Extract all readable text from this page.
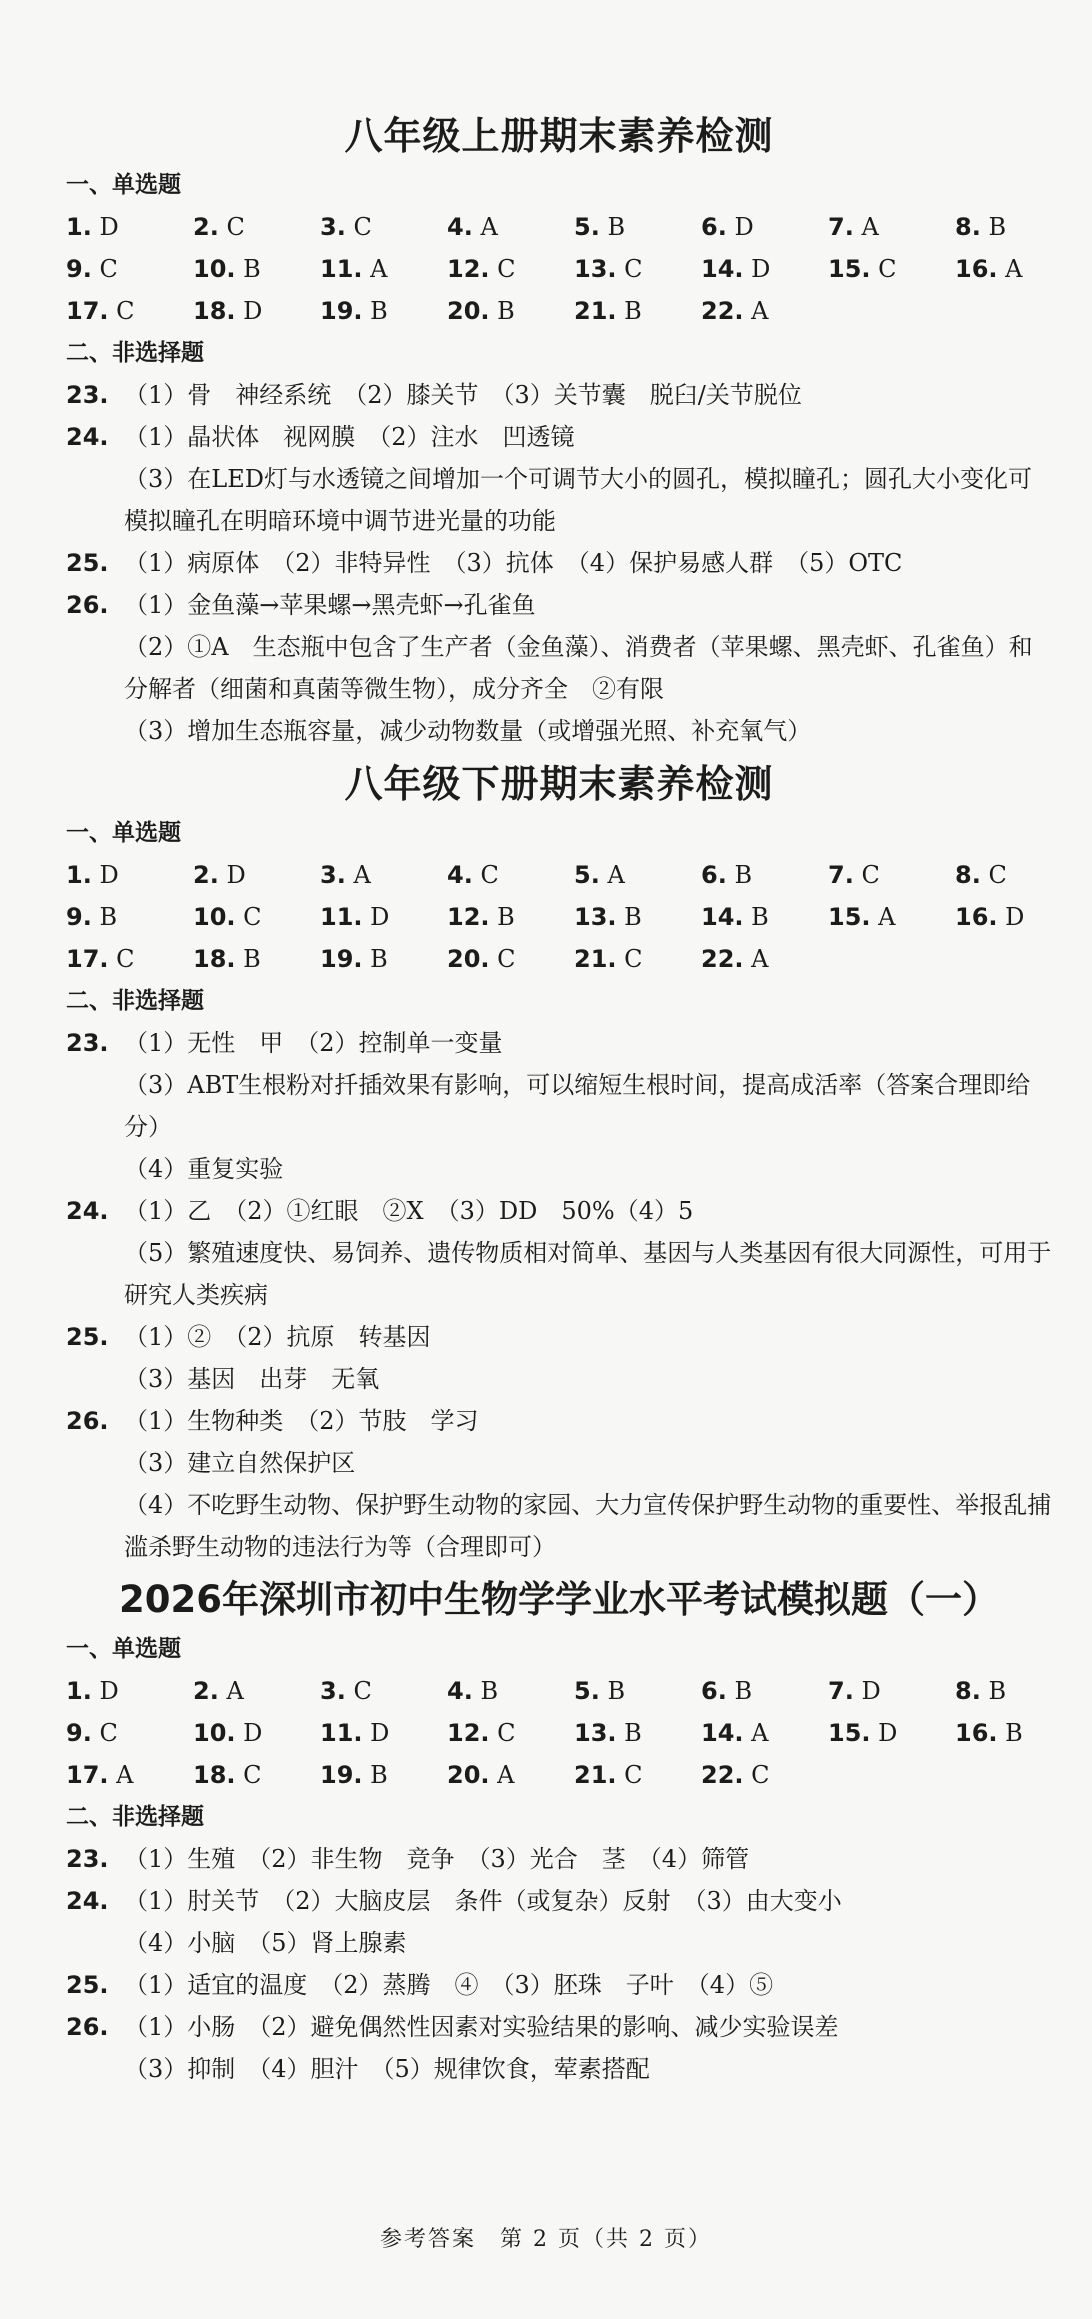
八年级上册期末素养检测
一、单选题
1. D	2. C	3. C	4. A	5. B	6. D	7. A	8. B
9. C	10. B	11. A	12. C	13. C	14. D	15. C	16. A
17. C	18. D	19. B	20. B	21. B	22. A
二、非选择题
23. （1）骨　神经系统　（2）膝关节　（3）关节囊　脱臼/关节脱位
24. （1）晶状体　视网膜　（2）注水　凹透镜
（3）在LED灯与水透镜之间增加一个可调节大小的圆孔，模拟瞳孔；圆孔大小变化可模拟瞳孔在明暗环境中调节进光量的功能
25. （1）病原体　（2）非特异性　（3）抗体　（4）保护易感人群　（5）OTC
26. （1）金鱼藻→苹果螺→黑壳虾→孔雀鱼
（2）①A　生态瓶中包含了生产者（金鱼藻）、消费者（苹果螺、黑壳虾、孔雀鱼）和分解者（细菌和真菌等微生物），成分齐全　②有限
（3）增加生态瓶容量，减少动物数量（或增强光照、补充氧气）
八年级下册期末素养检测
一、单选题
1. D	2. D	3. A	4. C	5. A	6. B	7. C	8. C
9. B	10. C	11. D	12. B	13. B	14. B	15. A	16. D
17. C	18. B	19. B	20. C	21. C	22. A
二、非选择题
23. （1）无性　甲　（2）控制单一变量
（3）ABT生根粉对扦插效果有影响，可以缩短生根时间，提高成活率（答案合理即给分）
（4）重复实验
24. （1）乙　（2）①红眼　②X　（3）DD　50%（4）5
（5）繁殖速度快、易饲养、遗传物质相对简单、基因与人类基因有很大同源性，可用于研究人类疾病
25. （1）②　（2）抗原　转基因
（3）基因　出芽　无氧
26. （1）生物种类　（2）节肢　学习
（3）建立自然保护区
（4）不吃野生动物、保护野生动物的家园、大力宣传保护野生动物的重要性、举报乱捕滥杀野生动物的违法行为等（合理即可）
2026年深圳市初中生物学学业水平考试模拟题（一）
一、单选题
1. D	2. A	3. C	4. B	5. B	6. B	7. D	8. B
9. C	10. D	11. D	12. C	13. B	14. A	15. D	16. B
17. A	18. C	19. B	20. A	21. C	22. C
二、非选择题
23. （1）生殖　（2）非生物　竞争　（3）光合　茎　（4）筛管
24. （1）肘关节　（2）大脑皮层　条件（或复杂）反射　（3）由大变小
（4）小脑　（5）肾上腺素
25. （1）适宜的温度　（2）蒸腾　④　（3）胚珠　子叶　（4）⑤
26. （1）小肠　（2）避免偶然性因素对实验结果的影响、减少实验误差
（3）抑制　（4）胆汁　（5）规律饮食，荤素搭配
参考答案　第 2 页（共 2 页）
